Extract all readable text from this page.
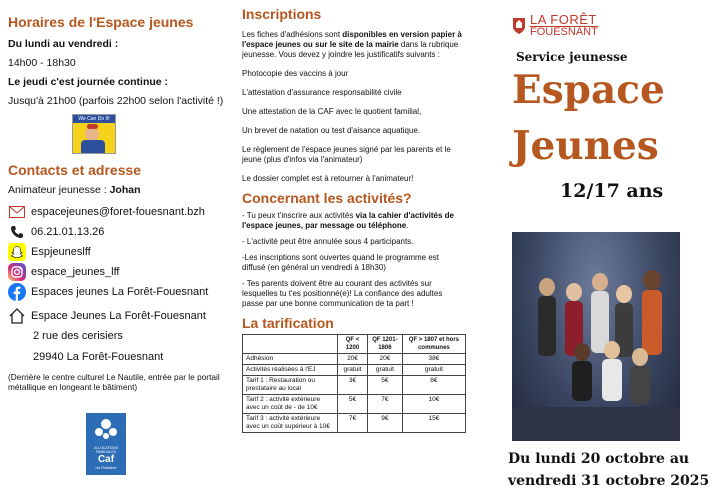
Horaires de l'Espace jeunes

Du lundi au vendredi :

14h00 - 18h30

Le jeudi c'est journée continue :

Jusqu'à 21h00 (parfois 22h00 selon l'activité !)

We Can Do It!
Contacts et adresse

Animateur jeunesse : Johan

espacejeunes@foret-fouesnant.bzh
06.21.01.13.26
Espjeuneslff
espace_jeunes_lff
Espaces jeunes La Forêt-Fouesnant
Espace Jeunes La Forêt-Fouesnant

2 rue des cerisiers

29940 La Forêt-Fouesnant

(Derrière le centre culturel Le Nautile, entrée par le portail métallique en longeant le bâtiment)

ALLOCATIONS FAMILIALES
Caf
du Finistère
Inscriptions

Les fiches d'adhésions sont disponibles en version papier à l'espace jeunes ou sur le site de la mairie dans la rubrique jeunesse. Vous devez y joindre les justificatifs suivants :

Photocopie des vaccins à jour

L'attestation d'assurance responsabilité civile

Une attestation de la CAF avec le quotient familial,

Un brevet de natation ou test d'aisance aquatique.

Le règlement de l'espace jeunes signé par les parents et le jeune (plus d'infos via l'animateur)

Le dossier complet est à retourner à l'animateur!

Concernant les activités?

- Tu peux t'inscrire aux activités via la cahier d'activités de l'espace jeunes, par message ou téléphone.

- L'activité peut être annulée sous 4 participants.

-Les inscriptions sont ouvertes quand le programme est diffusé (en général un vendredi à 18h30)

- Tes parents doivent être au courant des activités sur lesquelles tu t'es positionné(e)! La confiance des adultes passe par une bonne communication de ta part !

La tarification
	QF < 1200	QF 1201-1806	QF > 1807 et hors communes
Adhésion	20€	20€	38€
Activités réalisées à l'EJ	gratuit	gratuit	gratuit
Tarif 1 : Restauration ou prestataire au local	3€	5€	8€
Tarif 2 : activité extérieure avec un coût de - de 10€	5€	7€	10€
Tarif 3 : activité extérieure avec un coût supérieur à 10€	7€	9€	15€
LA FORÊT
FOUESNANT
Service jeunesse
Espace
Jeunes
12/17 ans
Du lundi 20 octobre au
vendredi 31 octobre 2025
